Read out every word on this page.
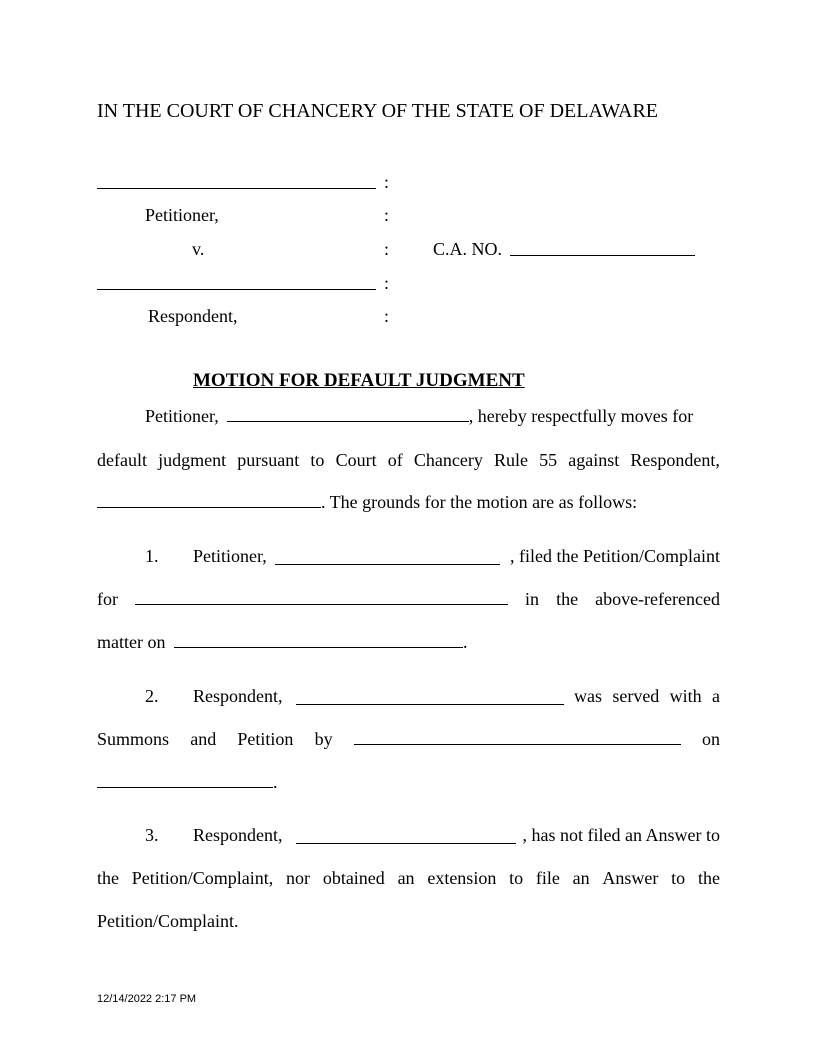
IN THE COURT OF CHANCERY OF THE STATE OF DELAWARE
:
Petitioner,	:
v.	: C.A. NO.
:
Respondent,	:
MOTION FOR DEFAULT JUDGMENT
Petitioner,	, hereby respectfully moves for
default judgment pursuant to Court of Chancery Rule 55 against Respondent,
. The grounds for the motion are as follows:
1. Petitioner,	, filed the Petition/Complaint
for	in the above-referenced
matter on	.
2. Respondent,	was served with a
Summons and Petition by	on
.
3. Respondent,	, has not filed an Answer to
the Petition/Complaint, nor obtained an extension to file an Answer to the
Petition/Complaint.
12/14/2022 2:17 PM
